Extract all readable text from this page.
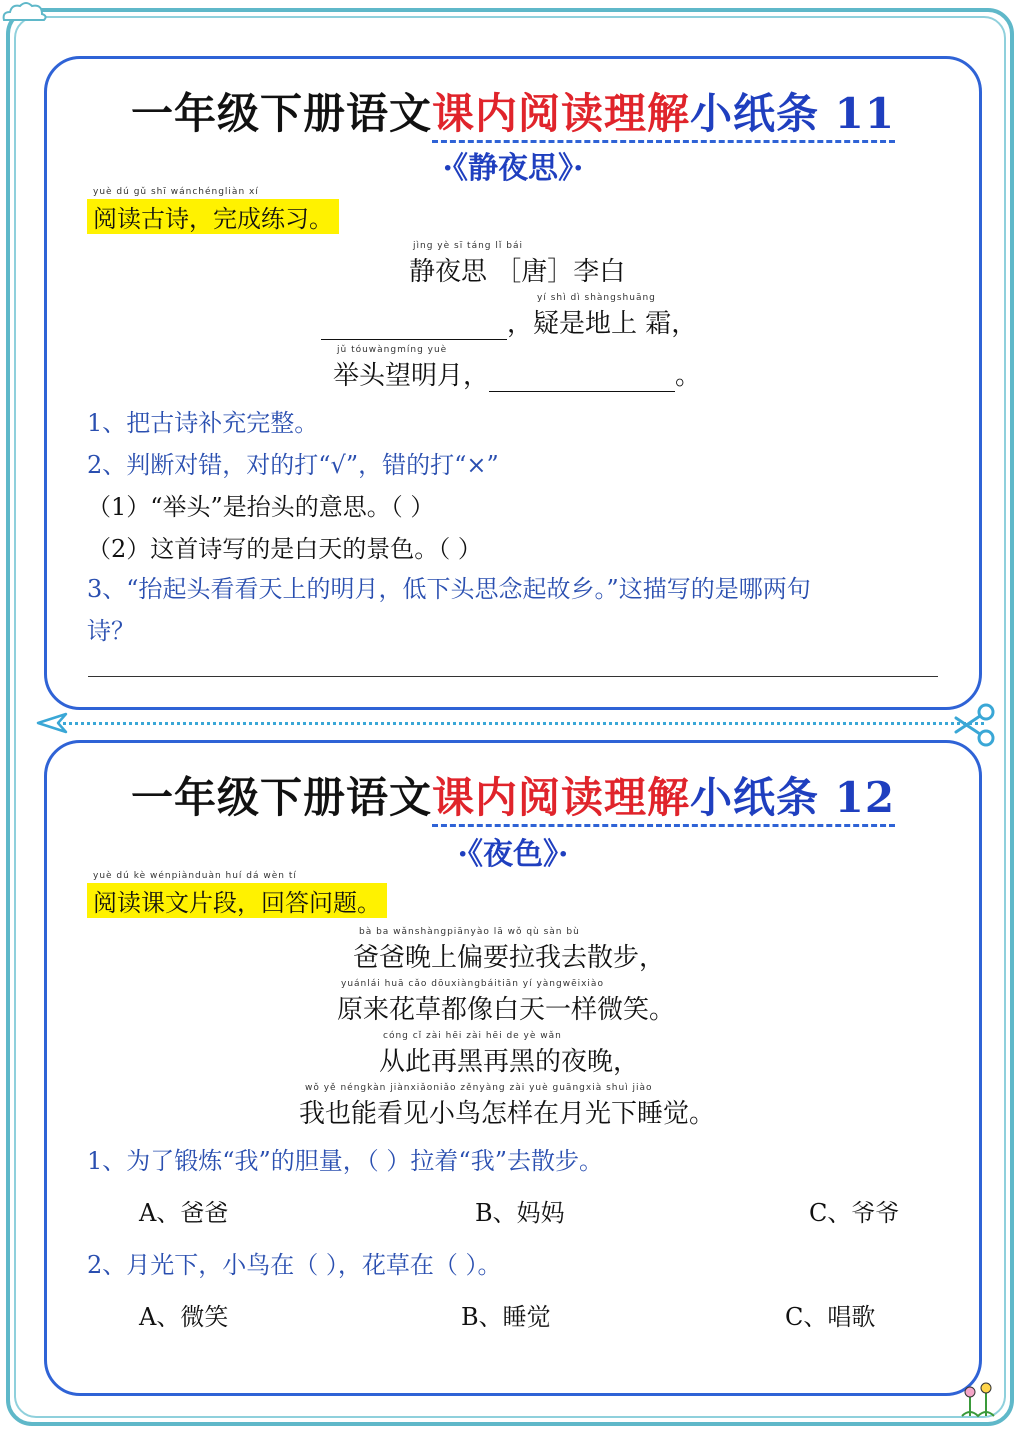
一年级下册语文课内阅读理解小纸条 11
·《静夜思》·
yuè dú gǔ shī wánchéngliàn xí
阅读古诗，完成练习。
jìng yè sī táng lǐ bái
静夜思 ［唐］李白
yí shì dì shàngshuāng
，疑是地上 霜，
jǔ tóuwàngmíng yuè
举头望明月，	。
1、把古诗补充完整。
2、判断对错，对的打“√”，错的打“×”
（1）“举头”是抬头的意思。（ ）
（2）这首诗写的是白天的景色。（ ）
3、“抬起头看看天上的明月，低下头思念起故乡。”这描写的是哪两句
诗？
一年级下册语文课内阅读理解小纸条 12
·《夜色》·
yuè dú kè wénpiànduàn huí dá wèn tí
阅读课文片段，回答问题。
bà ba wǎnshàngpiānyào lā wǒ qù sàn bù
爸爸晚上偏要拉我去散步，
yuánlái huā cǎo dōuxiàngbáitiān yí yàngwēixiào
原来花草都像白天一样微笑。
cóng cǐ zài hēi zài hēi de yè wǎn
从此再黑再黑的夜晚，
wǒ yě néngkàn jiànxiǎoniǎo zěnyàng zài yuè guāngxià shuì jiào
我也能看见小鸟怎样在月光下睡觉。
1、为了锻炼“我”的胆量，（ ）拉着“我”去散步。
A、爸爸	B、妈妈	C、爷爷
2、月光下，小鸟在（ ），花草在（ ）。
A、微笑	B、睡觉	C、唱歌
